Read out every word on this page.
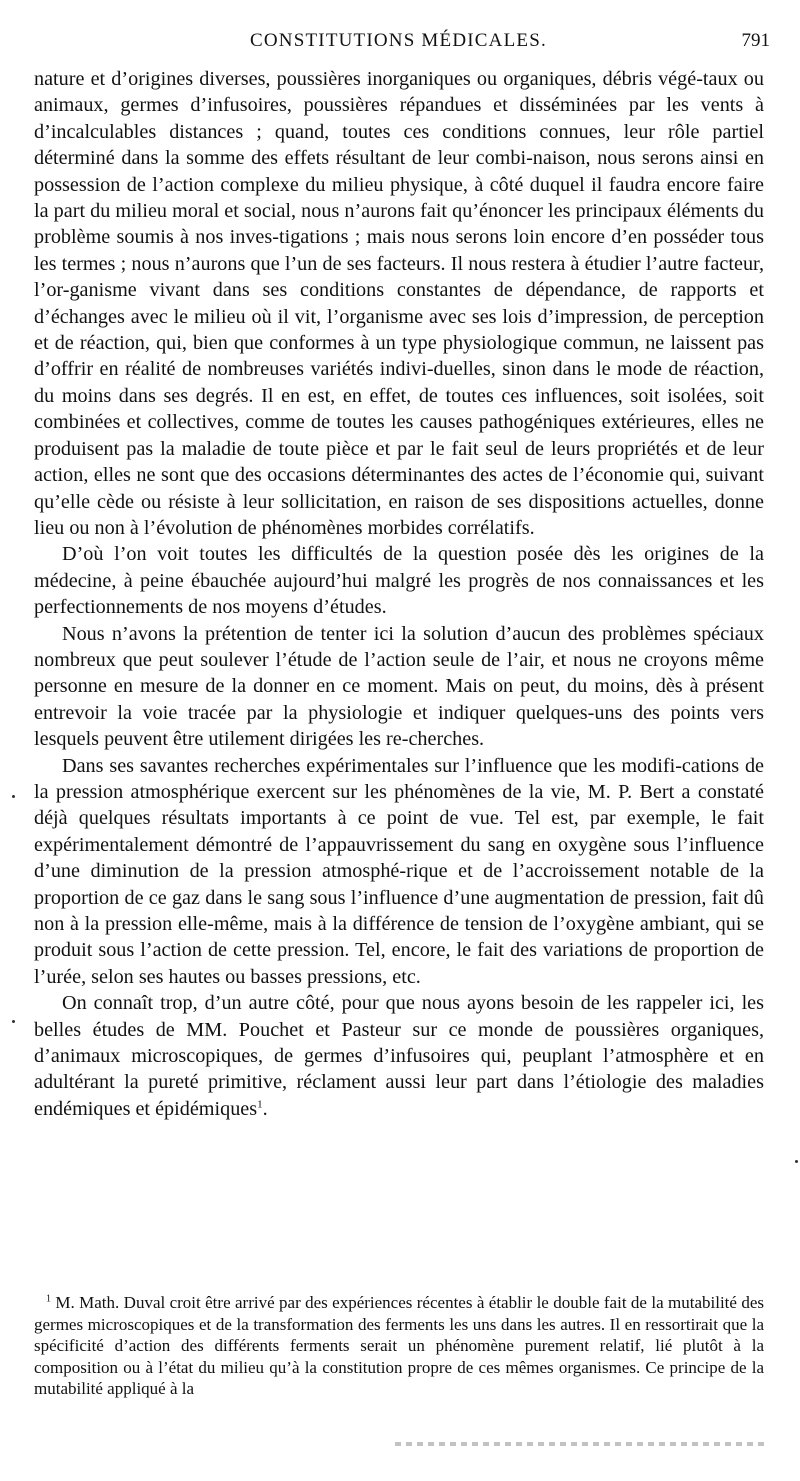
CONSTITUTIONS MÉDICALES.	791

nature et d’origines diverses, poussières inorganiques ou organiques, débris végé-taux ou animaux, germes d’infusoires, poussières répandues et disséminées par les vents à d’incalculables distances ; quand, toutes ces conditions connues, leur rôle partiel déterminé dans la somme des effets résultant de leur combi-naison, nous serons ainsi en possession de l’action complexe du milieu physique, à côté duquel il faudra encore faire la part du milieu moral et social, nous n’aurons fait qu’énoncer les principaux éléments du problème soumis à nos inves-tigations ; mais nous serons loin encore d’en posséder tous les termes ; nous n’aurons que l’un de ses facteurs. Il nous restera à étudier l’autre facteur, l’or-ganisme vivant dans ses conditions constantes de dépendance, de rapports et d’échanges avec le milieu où il vit, l’organisme avec ses lois d’impression, de perception et de réaction, qui, bien que conformes à un type physiologique commun, ne laissent pas d’offrir en réalité de nombreuses variétés indivi-duelles, sinon dans le mode de réaction, du moins dans ses degrés. Il en est, en effet, de toutes ces influences, soit isolées, soit combinées et collectives, comme de toutes les causes pathogéniques extérieures, elles ne produisent pas la maladie de toute pièce et par le fait seul de leurs propriétés et de leur action, elles ne sont que des occasions déterminantes des actes de l’économie qui, suivant qu’elle cède ou résiste à leur sollicitation, en raison de ses dispositions actuelles, donne lieu ou non à l’évolution de phénomènes morbides corrélatifs.

D’où l’on voit toutes les difficultés de la question posée dès les origines de la médecine, à peine ébauchée aujourd’hui malgré les progrès de nos connaissances et les perfectionnements de nos moyens d’études.

Nous n’avons la prétention de tenter ici la solution d’aucun des problèmes spéciaux nombreux que peut soulever l’étude de l’action seule de l’air, et nous ne croyons même personne en mesure de la donner en ce moment. Mais on peut, du moins, dès à présent entrevoir la voie tracée par la physiologie et indiquer quelques-uns des points vers lesquels peuvent être utilement dirigées les re-cherches.

Dans ses savantes recherches expérimentales sur l’influence que les modifi-cations de la pression atmosphérique exercent sur les phénomènes de la vie, M. P. Bert a constaté déjà quelques résultats importants à ce point de vue. Tel est, par exemple, le fait expérimentalement démontré de l’appauvrissement du sang en oxygène sous l’influence d’une diminution de la pression atmosphé-rique et de l’accroissement notable de la proportion de ce gaz dans le sang sous l’influence d’une augmentation de pression, fait dû non à la pression elle-même, mais à la différence de tension de l’oxygène ambiant, qui se produit sous l’action de cette pression. Tel, encore, le fait des variations de proportion de l’urée, selon ses hautes ou basses pressions, etc.

On connaît trop, d’un autre côté, pour que nous ayons besoin de les rappeler ici, les belles études de MM. Pouchet et Pasteur sur ce monde de poussières organiques, d’animaux microscopiques, de germes d’infusoires qui, peuplant l’atmosphère et en adultérant la pureté primitive, réclament aussi leur part dans l’étiologie des maladies endémiques et épidémiques$^1$.

$^1$ M. Math. Duval croit être arrivé par des expériences récentes à établir le double fait de la mutabilité des germes microscopiques et de la transformation des ferments les uns dans les autres. Il en ressortirait que la spécificité d’action des différents ferments serait un phénomène purement relatif, lié plutôt à la composition ou à l’état du milieu qu’à la constitution propre de ces mêmes organismes. Ce principe de la mutabilité appliqué à la
